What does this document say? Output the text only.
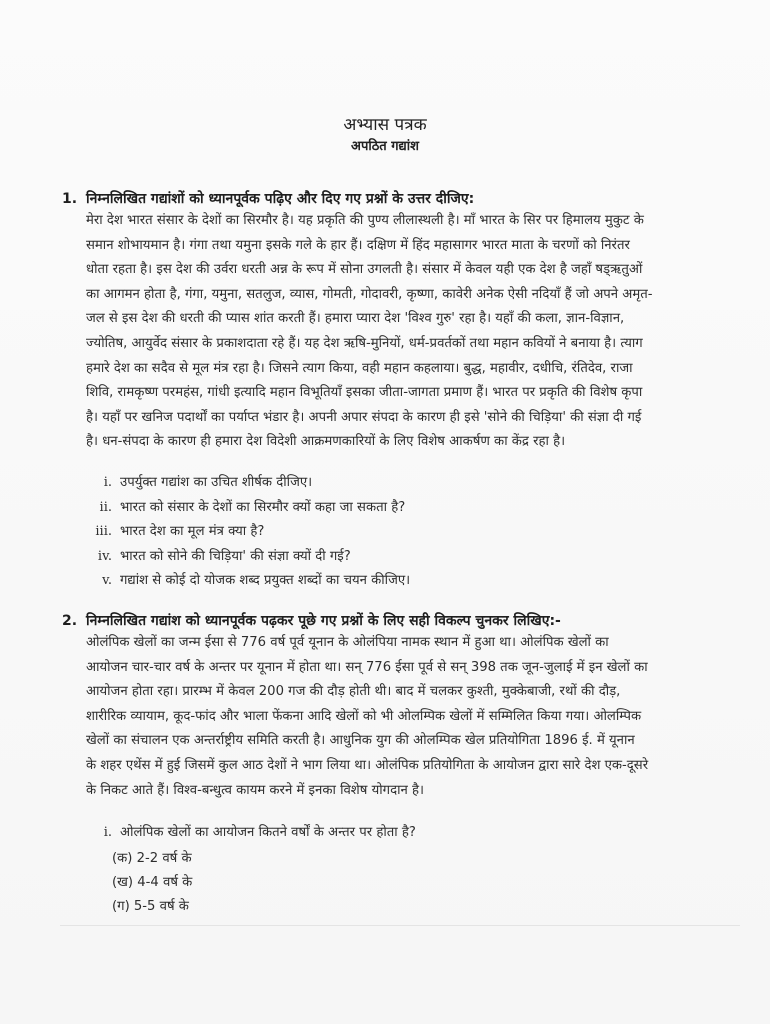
अभ्यास पत्रक
अपठित गद्यांश
1. निम्नलिखित गद्यांशों को ध्यानपूर्वक पढ़िए और दिए गए प्रश्नों के उत्तर दीजिए:
मेरा देश भारत संसार के देशों का सिरमौर है। यह प्रकृति की पुण्य लीलास्थली है। माँ भारत के सिर पर हिमालय मुकुट के
समान शोभायमान है। गंगा तथा यमुना इसके गले के हार हैं। दक्षिण में हिंद महासागर भारत माता के चरणों को निरंतर
धोता रहता है। इस देश की उर्वरा धरती अन्न के रूप में सोना उगलती है। संसार में केवल यही एक देश है जहाँ षड्ऋतुओं
का आगमन होता है, गंगा, यमुना, सतलुज, व्यास, गोमती, गोदावरी, कृष्णा, कावेरी अनेक ऐसी नदियाँ हैं जो अपने अमृत-
जल से इस देश की धरती की प्यास शांत करती हैं। हमारा प्यारा देश 'विश्व गुरु' रहा है। यहाँ की कला, ज्ञान-विज्ञान,
ज्योतिष, आयुर्वेद संसार के प्रकाशदाता रहे हैं। यह देश ऋषि-मुनियों, धर्म-प्रवर्तकों तथा महान कवियों ने बनाया है। त्याग
हमारे देश का सदैव से मूल मंत्र रहा है। जिसने त्याग किया, वही महान कहलाया। बुद्ध, महावीर, दधीचि, रंतिदेव, राजा
शिवि, रामकृष्ण परमहंस, गांधी इत्यादि महान विभूतियाँ इसका जीता-जागता प्रमाण हैं। भारत पर प्रकृति की विशेष कृपा
है। यहाँ पर खनिज पदार्थों का पर्याप्त भंडार है। अपनी अपार संपदा के कारण ही इसे 'सोने की चिड़िया' की संज्ञा दी गई
है। धन-संपदा के कारण ही हमारा देश विदेशी आक्रमणकारियों के लिए विशेष आकर्षण का केंद्र रहा है।
i. उपर्युक्त गद्यांश का उचित शीर्षक दीजिए।
ii. भारत को संसार के देशों का सिरमौर क्यों कहा जा सकता है?
iii. भारत देश का मूल मंत्र क्या है?
iv. भारत को सोने की चिड़िया' की संज्ञा क्यों दी गई?
v. गद्यांश से कोई दो योजक शब्द प्रयुक्त शब्दों का चयन कीजिए।
2. निम्नलिखित गद्यांश को ध्यानपूर्वक पढ़कर पूछे गए प्रश्नों के लिए सही विकल्प चुनकर लिखिए:-
ओलंपिक खेलों का जन्म ईसा से 776 वर्ष पूर्व यूनान के ओलंपिया नामक स्थान में हुआ था। ओलंपिक खेलों का
आयोजन चार-चार वर्ष के अन्तर पर यूनान में होता था। सन् 776 ईसा पूर्व से सन् 398 तक जून-जुलाई में इन खेलों का
आयोजन होता रहा। प्रारम्भ में केवल 200 गज की दौड़ होती थी। बाद में चलकर कुश्ती, मुक्केबाजी, रथों की दौड़,
शारीरिक व्यायाम, कूद-फांद और भाला फेंकना आदि खेलों को भी ओलम्पिक खेलों में सम्मिलित किया गया। ओलम्पिक
खेलों का संचालन एक अन्तर्राष्ट्रीय समिति करती है। आधुनिक युग की ओलम्पिक खेल प्रतियोगिता 1896 ई. में यूनान
के शहर एथेंस में हुई जिसमें कुल आठ देशों ने भाग लिया था। ओलंपिक प्रतियोगिता के आयोजन द्वारा सारे देश एक-दूसरे
के निकट आते हैं। विश्व-बन्धुत्व कायम करने में इनका विशेष योगदान है।
i. ओलंपिक खेलों का आयोजन कितने वर्षों के अन्तर पर होता है?
(क) 2-2 वर्ष के
(ख) 4-4 वर्ष के
(ग) 5-5 वर्ष के
